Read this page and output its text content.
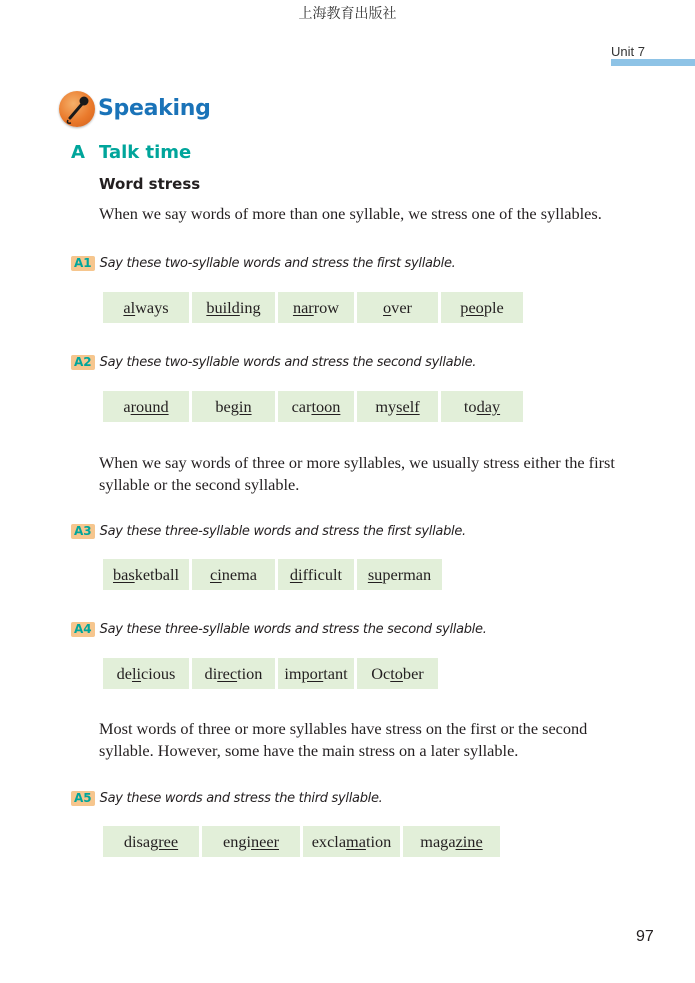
上海教育出版社
Unit 7
Speaking
A Talk time
Word stress
When we say words of more than one syllable, we stress one of the syllables.
A1 Say these two-syllable words and stress the first syllable.
always	building	narrow	over	people
A2 Say these two-syllable words and stress the second syllable.
around	begin	cartoon	myself	today
When we say words of three or more syllables, we usually stress either the first syllable or the second syllable.
A3 Say these three-syllable words and stress the first syllable.
basketball	cinema	difficult	superman
A4 Say these three-syllable words and stress the second syllable.
delicious	direction	important	October
Most words of three or more syllables have stress on the first or the second syllable. However, some have the main stress on a later syllable.
A5 Say these words and stress the third syllable.
disagree	engineer	exclamation	magazine
97
